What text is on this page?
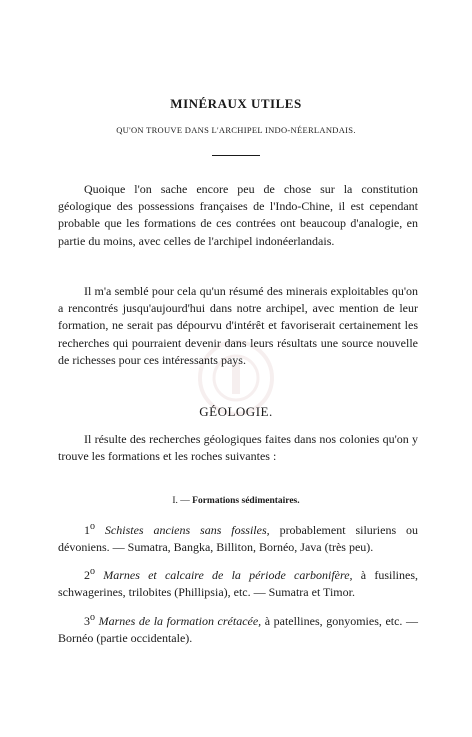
MINÉRAUX UTILES
QU'ON TROUVE DANS L'ARCHIPEL INDO-NÉERLANDAIS.

Quoique l'on sache encore peu de chose sur la constitution géologique des possessions françaises de l'Indo-Chine, il est cependant probable que les formations de ces contrées ont beaucoup d'analogie, en partie du moins, avec celles de l'archipel indonéerlandais.

Il m'a semblé pour cela qu'un résumé des minerais exploitables qu'on a rencontrés jusqu'aujourd'hui dans notre archipel, avec mention de leur formation, ne serait pas dépourvu d'intérêt et favoriserait certainement les recherches qui pourraient devenir dans leurs résultats une source nouvelle de richesses pour ces intéressants pays.

GÉOLOGIE.

Il résulte des recherches géologiques faites dans nos colonies qu'on y trouve les formations et les roches suivantes :

I. — Formations sédimentaires.

1$^o$ Schistes anciens sans fossiles, probablement siluriens ou dévoniens. — Sumatra, Bangka, Billiton, Bornéo, Java (très peu).

2$^o$ Marnes et calcaire de la période carbonifère, à fusilines, schwagerines, trilobites (Phillipsia), etc. — Sumatra et Timor.

3$^o$ Marnes de la formation crétacée, à patellines, gonyomies, etc. — Bornéo (partie occidentale).
